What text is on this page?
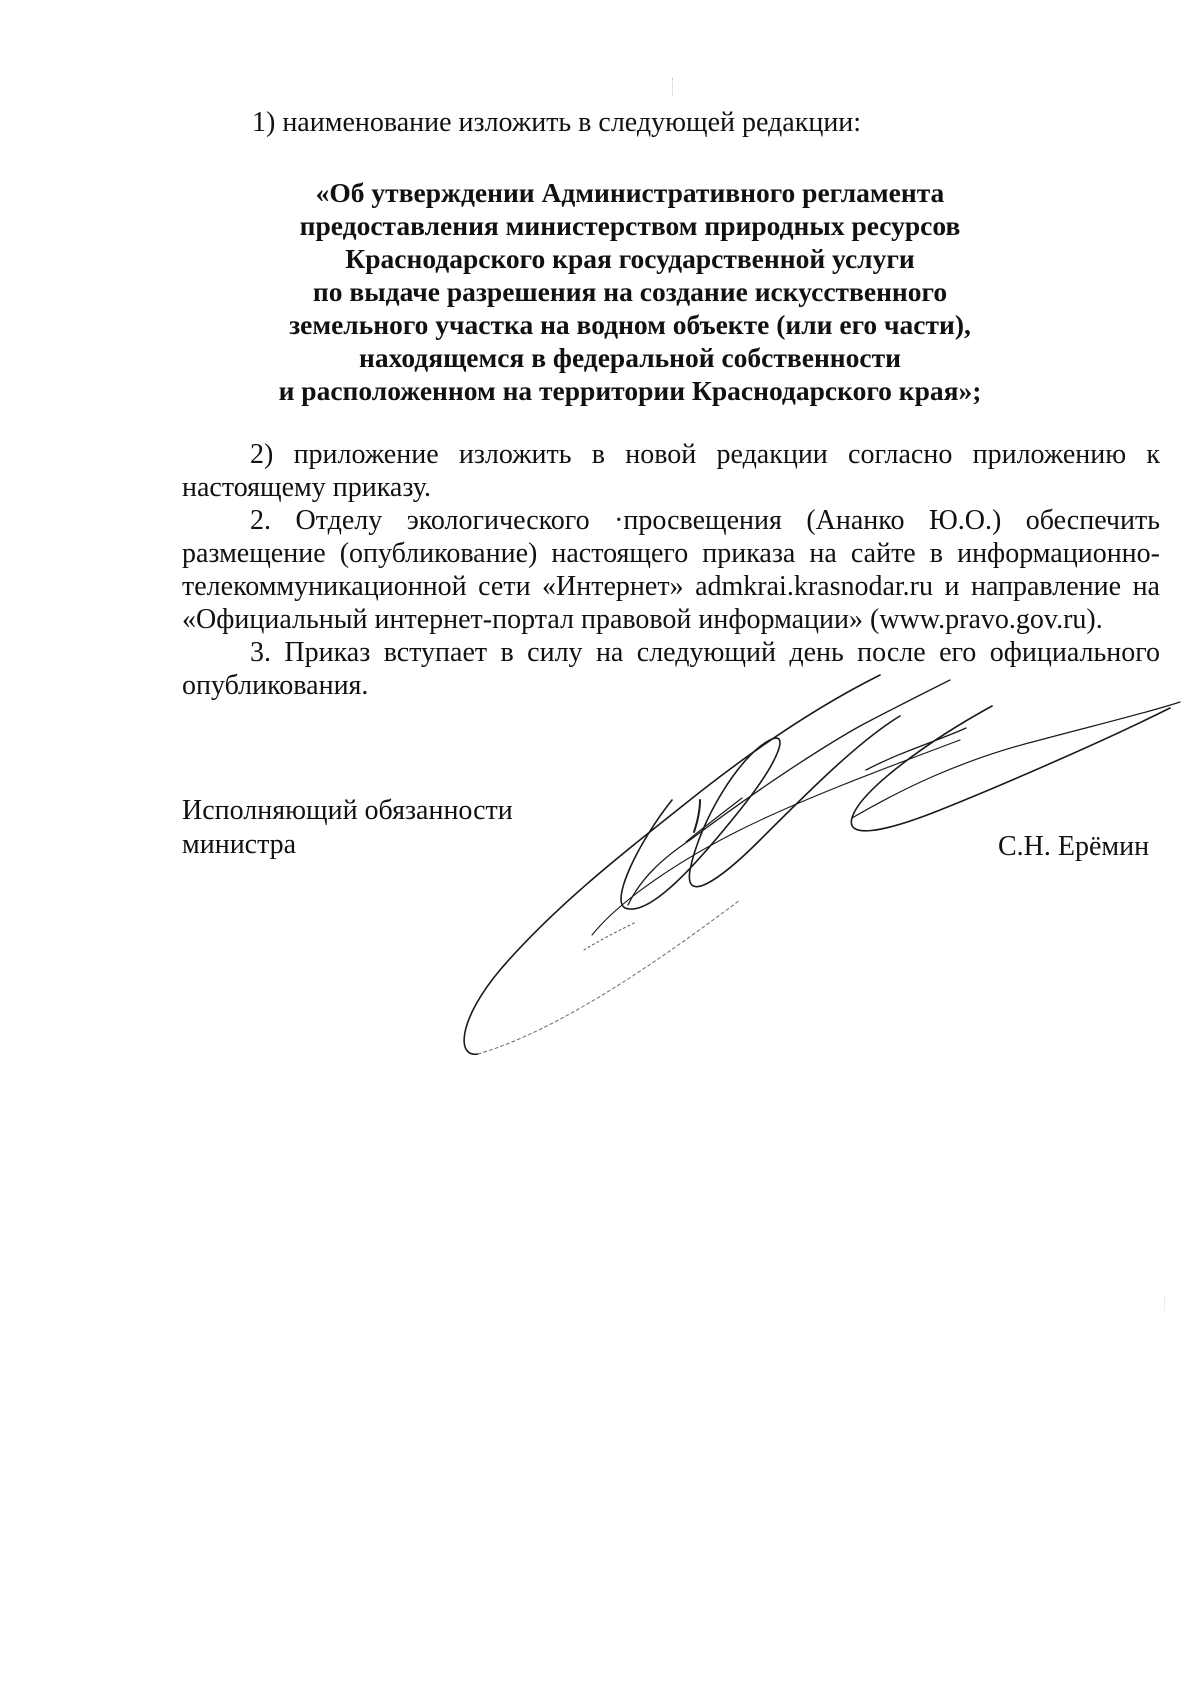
1) наименование изложить в следующей редакции:
«Об утверждении Административного регламента
предоставления министерством природных ресурсов
Краснодарского края государственной услуги
по выдаче разрешения на создание искусственного
земельного участка на водном объекте (или его части),
находящемся в федеральной собственности
и расположенном на территории Краснодарского края»;

2) приложение изложить в новой редакции согласно приложению к настоящему приказу.

2. Отделу экологического ·просвещения (Ананко Ю.О.) обеспечить размещение (опубликование) настоящего приказа на сайте в информационно-телекоммуникационной сети «Интернет» admkrai.krasnodar.ru и направление на «Официальный интернет-портал правовой информации» (www.pravo.gov.ru).

3. Приказ вступает в силу на следующий день после его официального опубликования.

Исполняющий обязанности
министра	С.Н. Ерёмин
